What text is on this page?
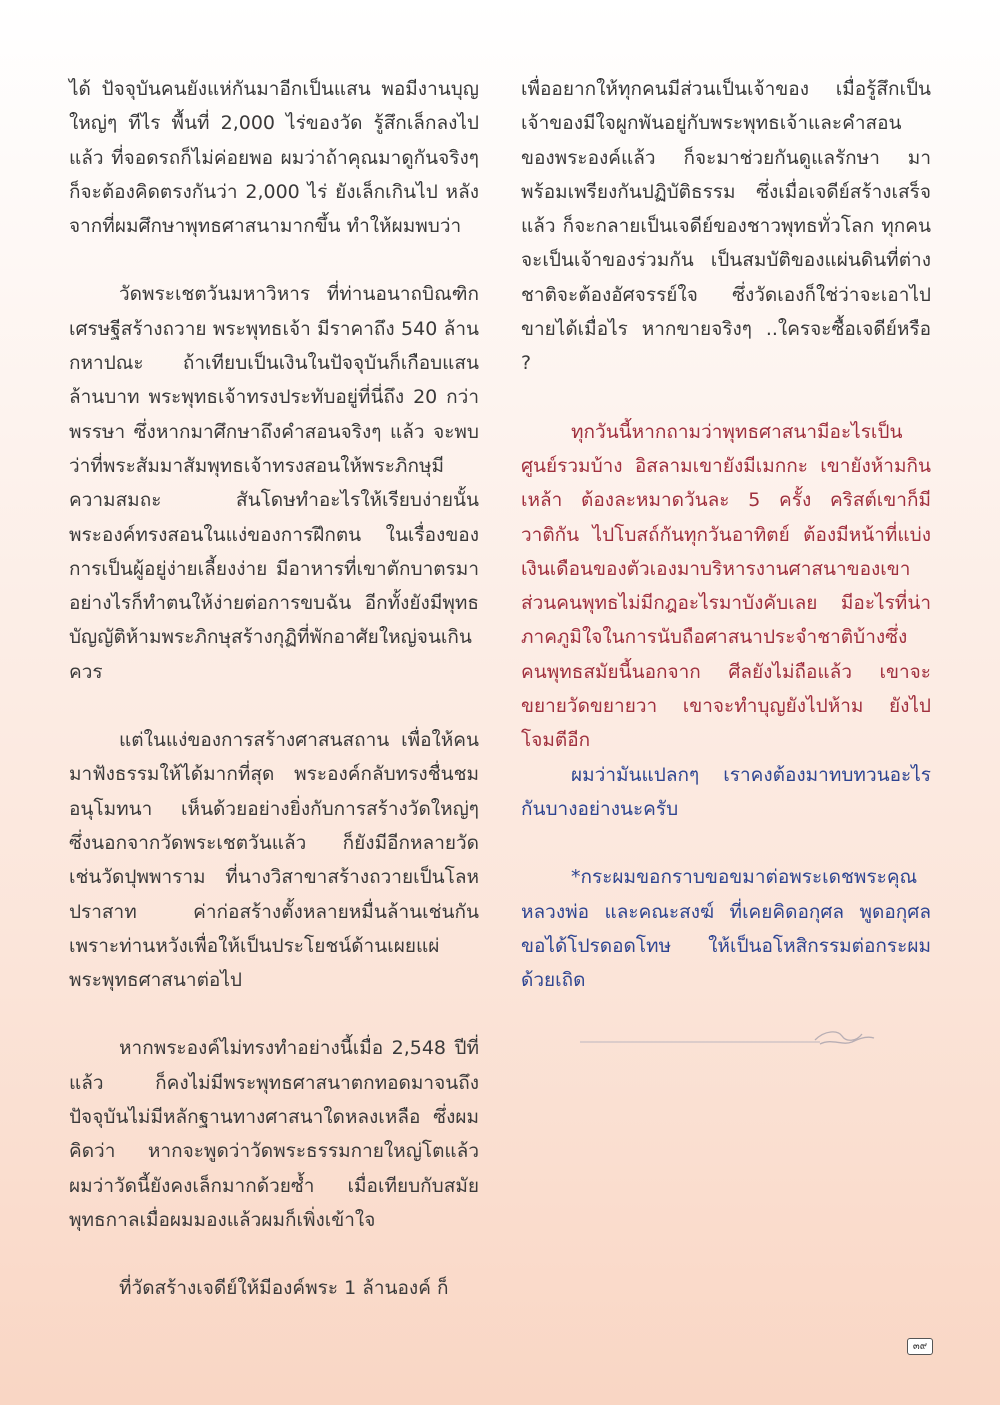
ได้ ปัจจุบันคนยังแห่กันมาอีกเป็นแสน พอมีงานบุญใหญ่ๆ ทีไร พื้นที่ 2,000 ไร่ของวัด รู้สึกเล็กลงไปแล้ว ที่จอดรถก็ไม่ค่อยพอ ผมว่าถ้าคุณมาดูกันจริงๆ ก็จะต้องคิดตรงกันว่า 2,000 ไร่ ยังเล็กเกินไป หลังจากที่ผมศึกษาพุทธศาสนามากขึ้น ทำให้ผมพบว่า

วัดพระเชตวันมหาวิหาร ที่ท่านอนาถบิณฑิกเศรษฐีสร้างถวาย พระพุทธเจ้า มีราคาถึง 540 ล้านกหาปณะ ถ้าเทียบเป็นเงินในปัจจุบันก็เกือบแสนล้านบาท พระพุทธเจ้าทรงประทับอยู่ที่นี่ถึง 20 กว่าพรรษา ซึ่งหากมาศึกษาถึงคำสอนจริงๆ แล้ว จะพบว่าที่พระสัมมาสัมพุทธเจ้าทรงสอนให้พระภิกษุมีความสมถะ สันโดษทำอะไรให้เรียบง่ายนั้น พระองค์ทรงสอนในแง่ของการฝึกตน ในเรื่องของการเป็นผู้อยู่ง่ายเลี้ยงง่าย มีอาหารที่เขาตักบาตรมาอย่างไรก็ทำตนให้ง่ายต่อการขบฉัน อีกทั้งยังมีพุทธบัญญัติห้ามพระภิกษุสร้างกุฏิที่พักอาศัยใหญ่จนเกินควร

แต่ในแง่ของการสร้างศาสนสถาน เพื่อให้คนมาฟังธรรมให้ได้มากที่สุด พระองค์กลับทรงชื่นชมอนุโมทนา เห็นด้วยอย่างยิ่งกับการสร้างวัดใหญ่ๆ ซึ่งนอกจากวัดพระเชตวันแล้ว ก็ยังมีอีกหลายวัด เช่นวัดปุพพาราม ที่นางวิสาขาสร้างถวายเป็นโลหปราสาท ค่าก่อสร้างตั้งหลายหมื่นล้านเช่นกัน เพราะท่านหวังเพื่อให้เป็นประโยชน์ด้านเผยแผ่พระพุทธศาสนาต่อไป

หากพระองค์ไม่ทรงทำอย่างนี้เมื่อ 2,548 ปีที่แล้ว ก็คงไม่มีพระพุทธศาสนาตกทอดมาจนถึงปัจจุบันไม่มีหลักฐานทางศาสนาใดหลงเหลือ ซึ่งผมคิดว่า หากจะพูดว่าวัดพระธรรมกายใหญ่โตแล้ว ผมว่าวัดนี้ยังคงเล็กมากด้วยซ้ำ เมื่อเทียบกับสมัยพุทธกาลเมื่อผมมองแล้วผมก็เพิ่งเข้าใจ

ที่วัดสร้างเจดีย์ให้มีองค์พระ 1 ล้านองค์ ก็

เพื่ออยากให้ทุกคนมีส่วนเป็นเจ้าของ เมื่อรู้สึกเป็นเจ้าของมีใจผูกพันอยู่กับพระพุทธเจ้าและคำสอนของพระองค์แล้ว ก็จะมาช่วยกันดูแลรักษา มาพร้อมเพรียงกันปฏิบัติธรรม ซึ่งเมื่อเจดีย์สร้างเสร็จแล้ว ก็จะกลายเป็นเจดีย์ของชาวพุทธทั่วโลก ทุกคนจะเป็นเจ้าของร่วมกัน เป็นสมบัติของแผ่นดินที่ต่างชาติจะต้องอัศจรรย์ใจ ซึ่งวัดเองก็ใช่ว่าจะเอาไปขายได้เมื่อไร หากขายจริงๆ ..ใครจะซื้อเจดีย์หรือ ?

ทุกวันนี้หากถามว่าพุทธศาสนามีอะไรเป็นศูนย์รวมบ้าง อิสลามเขายังมีเมกกะ เขายังห้ามกินเหล้า ต้องละหมาดวันละ 5 ครั้ง คริสต์เขาก็มีวาติกัน ไปโบสถ์กันทุกวันอาทิตย์ ต้องมีหน้าที่แบ่งเงินเดือนของตัวเองมาบริหารงานศาสนาของเขา ส่วนคนพุทธไม่มีกฎอะไรมาบังคับเลย มีอะไรที่น่าภาคภูมิใจในการนับถือศาสนาประจำชาติบ้างซึ่งคนพุทธสมัยนี้นอกจาก ศีลยังไม่ถือแล้ว เขาจะขยายวัดขยายวา เขาจะทำบุญยังไปห้าม ยังไปโจมตีอีก

ผมว่ามันแปลกๆ เราคงต้องมาทบทวนอะไรกันบางอย่างนะครับ

*กระผมขอกราบขอขมาต่อพระเดชพระคุณหลวงพ่อ และคณะสงฆ์ ที่เคยคิดอกุศล พูดอกุศล ขอได้โปรดอดโทษ ให้เป็นอโหสิกรรมต่อกระผมด้วยเถิด

๓๙
